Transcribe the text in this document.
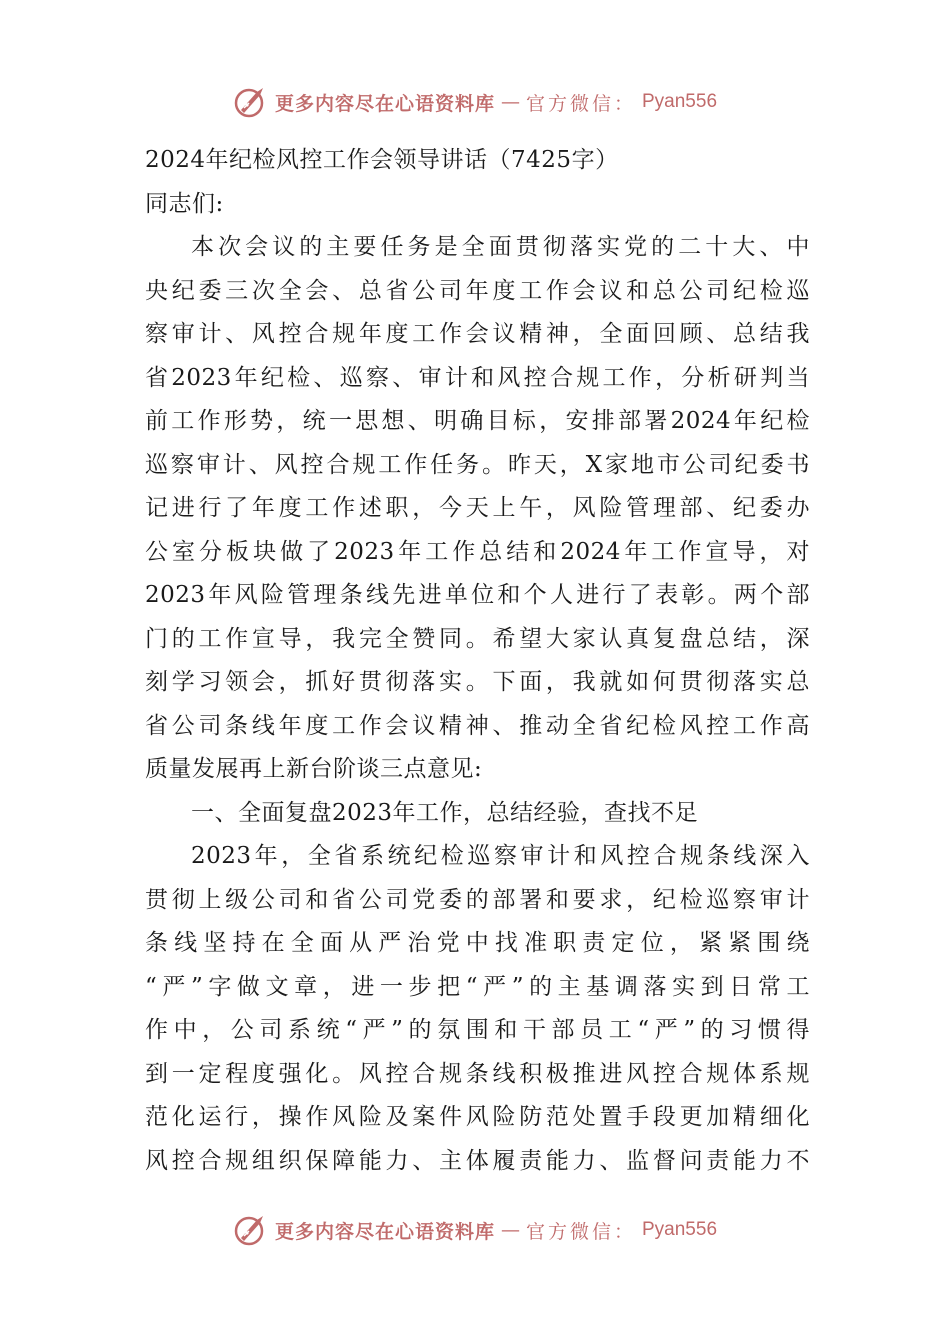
更多内容尽在心语资料库 — 官方微信： Pyan556
2024年纪检风控工作会领导讲话（7425字）
同志们:
本次会议的主要任务是全面贯彻落实党的二十大、中
央纪委三次全会、总省公司年度工作会议和总公司纪检巡
察审计、风控合规年度工作会议精神，全面回顾、总结我
省2023年纪检、巡察、审计和风控合规工作，分析研判当
前工作形势，统一思想、明确目标，安排部署2024年纪检
巡察审计、风控合规工作任务。昨天，X家地市公司纪委书
记进行了年度工作述职，今天上午，风险管理部、纪委办
公室分板块做了2023年工作总结和2024年工作宣导，对
2023年风险管理条线先进单位和个人进行了表彰。两个部
门的工作宣导，我完全赞同。希望大家认真复盘总结，深
刻学习领会，抓好贯彻落实。下面，我就如何贯彻落实总
省公司条线年度工作会议精神、推动全省纪检风控工作高
质量发展再上新台阶谈三点意见:
一、全面复盘2023年工作，总结经验，查找不足
2023年，全省系统纪检巡察审计和风控合规条线深入
贯彻上级公司和省公司党委的部署和要求，纪检巡察审计
条线坚持在全面从严治党中找准职责定位，紧紧围绕
“严”字做文章，进一步把“严”的主基调落实到日常工
作中，公司系统“严”的氛围和干部员工“严”的习惯得
到一定程度强化。风控合规条线积极推进风控合规体系规
范化运行，操作风险及案件风险防范处置手段更加精细化
风控合规组织保障能力、主体履责能力、监督问责能力不
更多内容尽在心语资料库 — 官方微信： Pyan556
